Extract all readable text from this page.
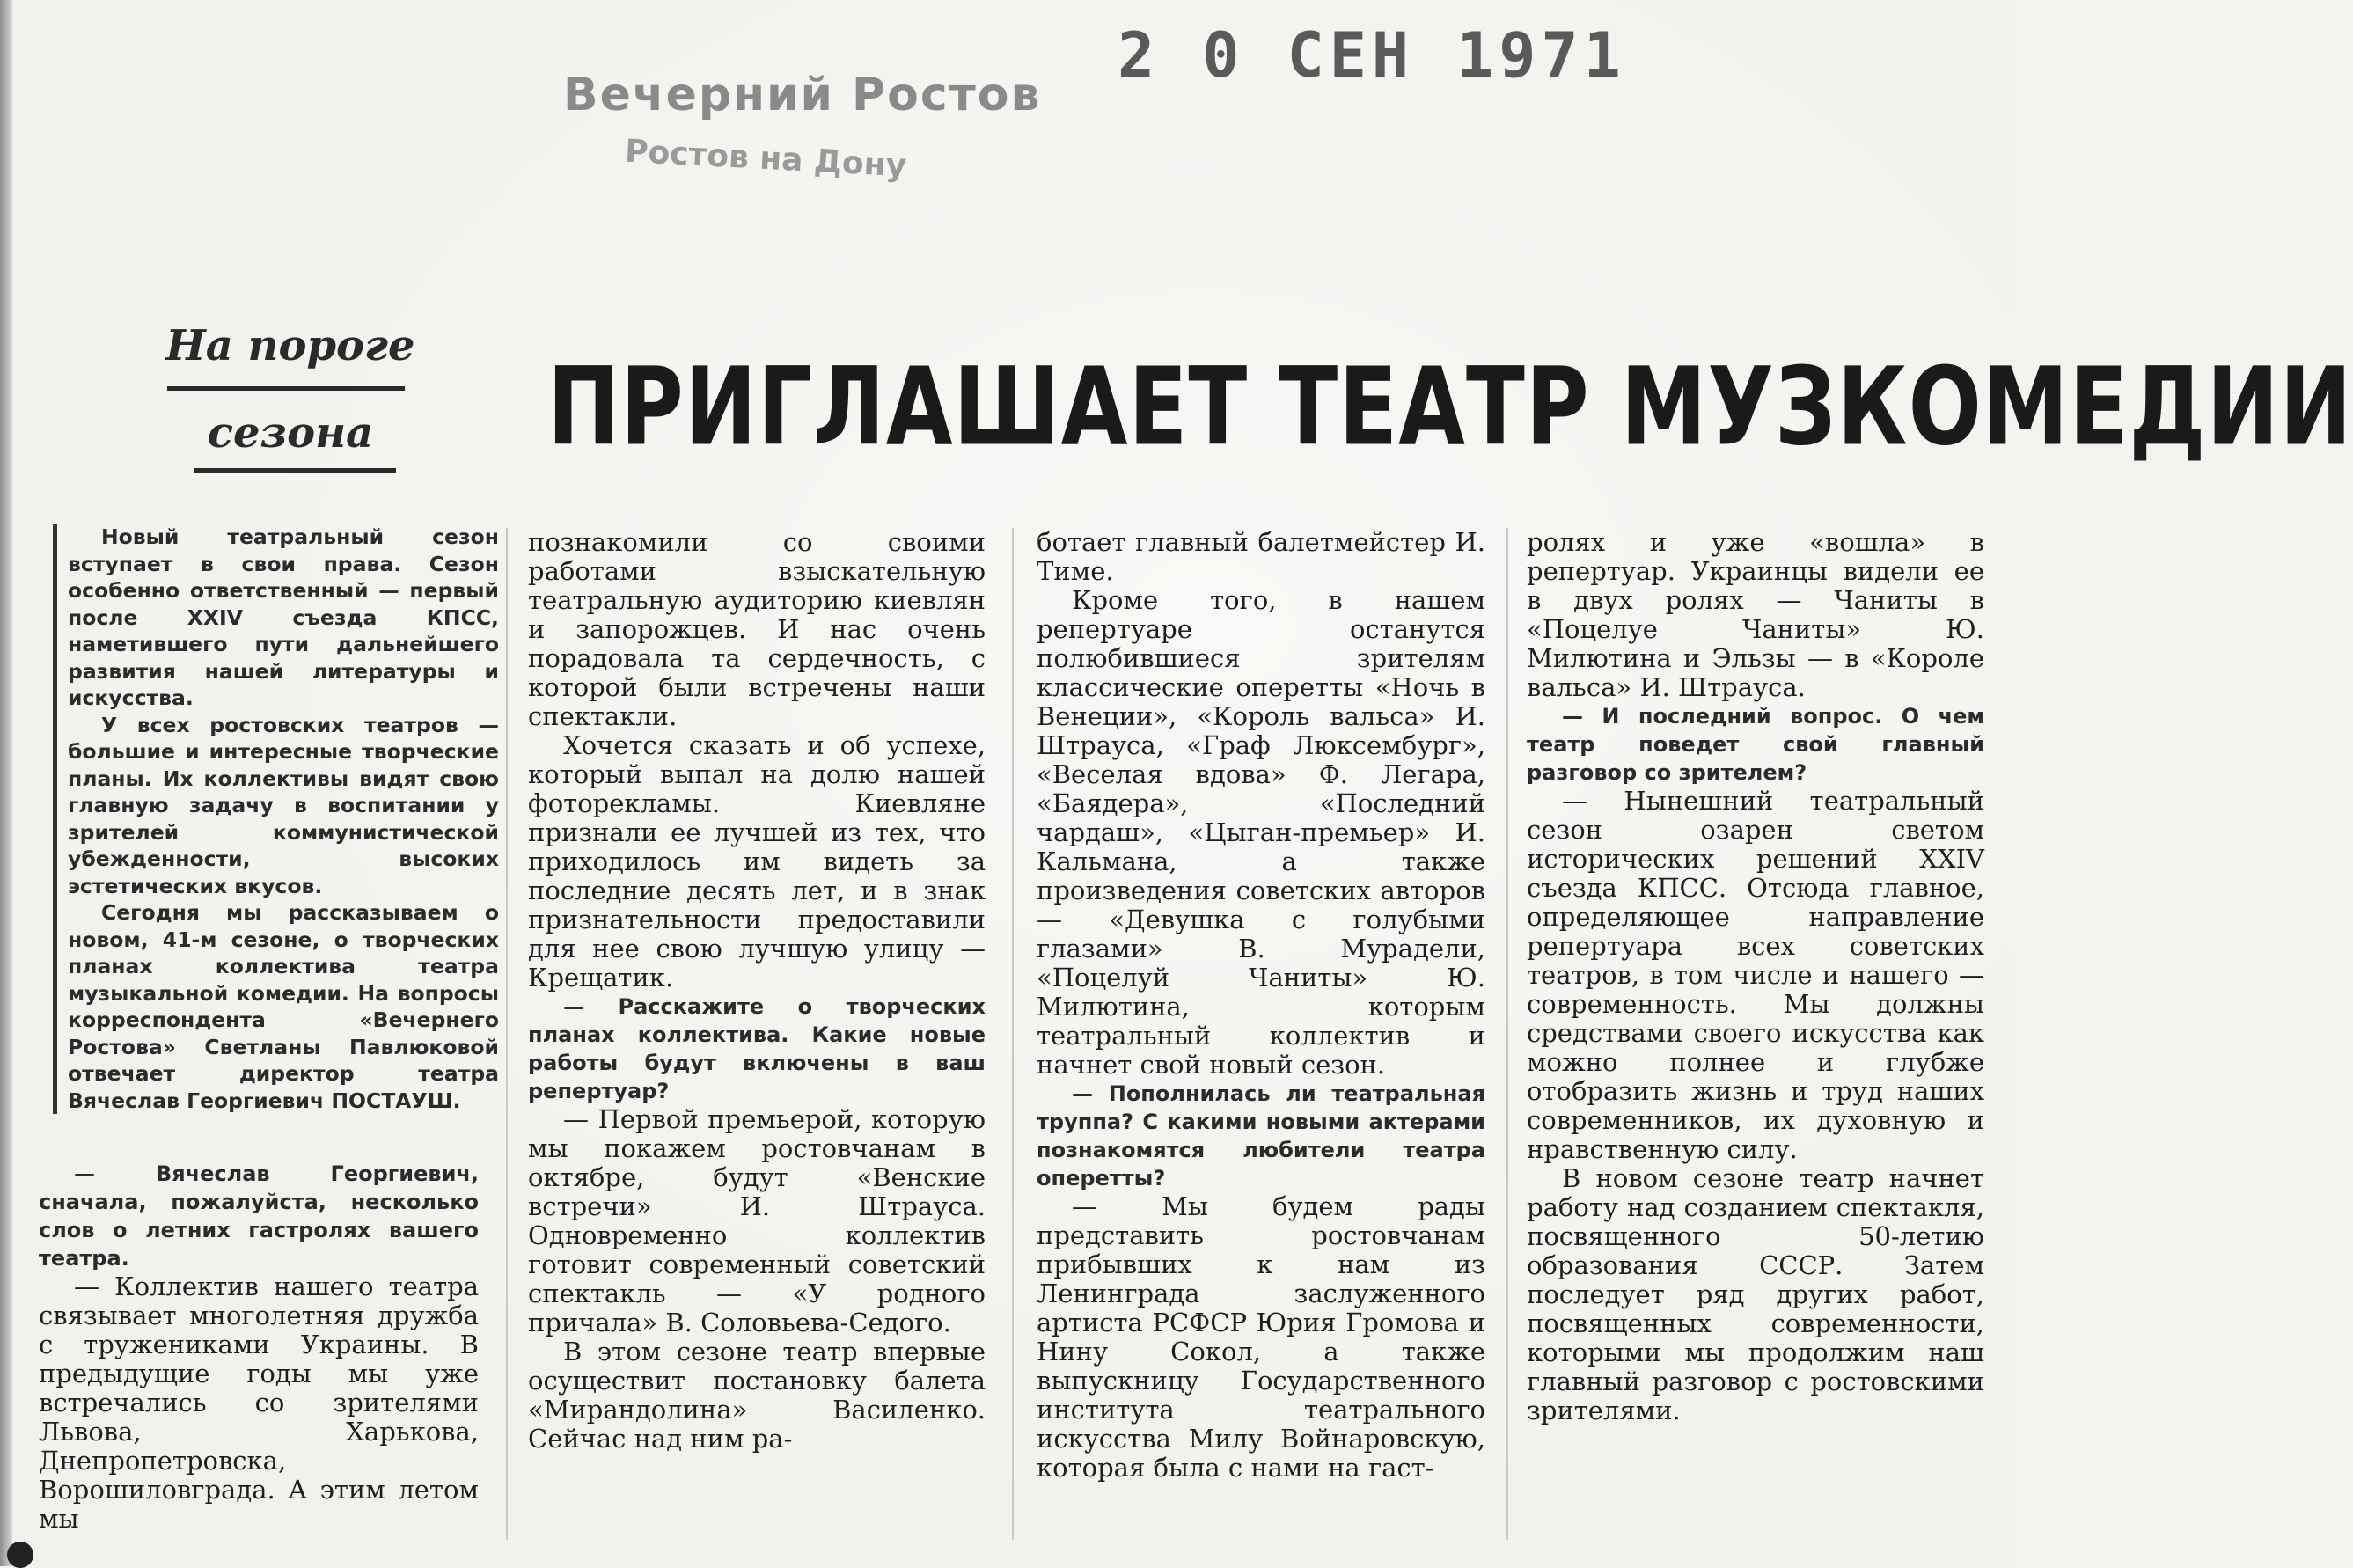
2 0 СЕН 1971
Вечерний Ростов
Ростов на Дону
На пороге
сезона	ПРИГЛАШАЕТ ТЕАТР МУЗКОМЕДИИ

Новый театральный сезон вступает в свои права. Сезон особенно ответственный — первый после XXIV съезда КПСС, наметившего пути дальнейшего развития нашей литературы и искусства.

У всех ростовских театров — большие и интересные творческие планы. Их коллективы видят свою главную задачу в воспитании у зрителей коммунистической убежденности, высоких эстетических вкусов.

Сегодня мы рассказываем о новом, 41-м сезоне, о творческих планах коллектива театра музыкальной комедии. На вопросы корреспондента «Вечернего Ростова» Светланы Павлюковой отвечает директор театра Вячеслав Георгиевич ПОСТАУШ.

— Вячеслав Георгиевич, сначала, пожалуйста, несколько слов о летних гастролях вашего театра.

— Коллектив нашего театра связывает многолетняя дружба с тружениками Украины. В предыдущие годы мы уже встречались со зрителями Львова, Харькова, Днепропетровска, Ворошиловграда. А этим летом мы

познакомили со своими работами взыскательную театральную аудиторию киевлян и запорожцев. И нас очень порадовала та сердечность, с которой были встречены наши спектакли.

Хочется сказать и об успехе, который выпал на долю нашей фоторекламы. Киевляне признали ее лучшей из тех, что приходилось им видеть за последние десять лет, и в знак признательности предоставили для нее свою лучшую улицу — Крещатик.

— Расскажите о творческих планах коллектива. Какие новые работы будут включены в ваш репертуар?

— Первой премьерой, которую мы покажем ростовчанам в октябре, будут «Венские встречи» И. Штрауса. Одновременно коллектив готовит современный советский спектакль — «У родного причала» В. Соловьева-Седого.

В этом сезоне театр впервые осуществит постановку балета «Мирандолина» Василенко. Сейчас над ним ра-

ботает главный балетмейстер И. Тиме.

Кроме того, в нашем репертуаре останутся полюбившиеся зрителям классические оперетты «Ночь в Венеции», «Король вальса» И. Штрауса, «Граф Люксембург», «Веселая вдова» Ф. Легара, «Баядера», «Последний чардаш», «Цыган-премьер» И. Кальмана, а также произведения советских авторов — «Девушка с голубыми глазами» В. Мурадели, «Поцелуй Чаниты» Ю. Милютина, которым театральный коллектив и начнет свой новый сезон.

— Пополнилась ли театральная труппа? С какими новыми актерами познакомятся любители театра оперетты?

— Мы будем рады представить ростовчанам прибывших к нам из Ленинграда заслуженного артиста РСФСР Юрия Громова и Нину Сокол, а также выпускницу Государственного института театрального искусства Милу Войнаровскую, которая была с нами на гаст-

ролях и уже «вошла» в репертуар. Украинцы видели ее в двух ролях — Чаниты в «Поцелуе Чаниты» Ю. Милютина и Эльзы — в «Короле вальса» И. Штрауса.

— И последний вопрос. О чем театр поведет свой главный разговор со зрителем?

— Нынешний театральный сезон озарен светом исторических решений XXIV съезда КПСС. Отсюда главное, определяющее направление репертуара всех советских театров, в том числе и нашего — современность. Мы должны средствами своего искусства как можно полнее и глубже отобразить жизнь и труд наших современников, их духовную и нравственную силу.

В новом сезоне театр начнет работу над созданием спектакля, посвященного 50-летию образования СССР. Затем последует ряд других работ, посвященных современности, которыми мы продолжим наш главный разговор с ростовскими зрителями.
